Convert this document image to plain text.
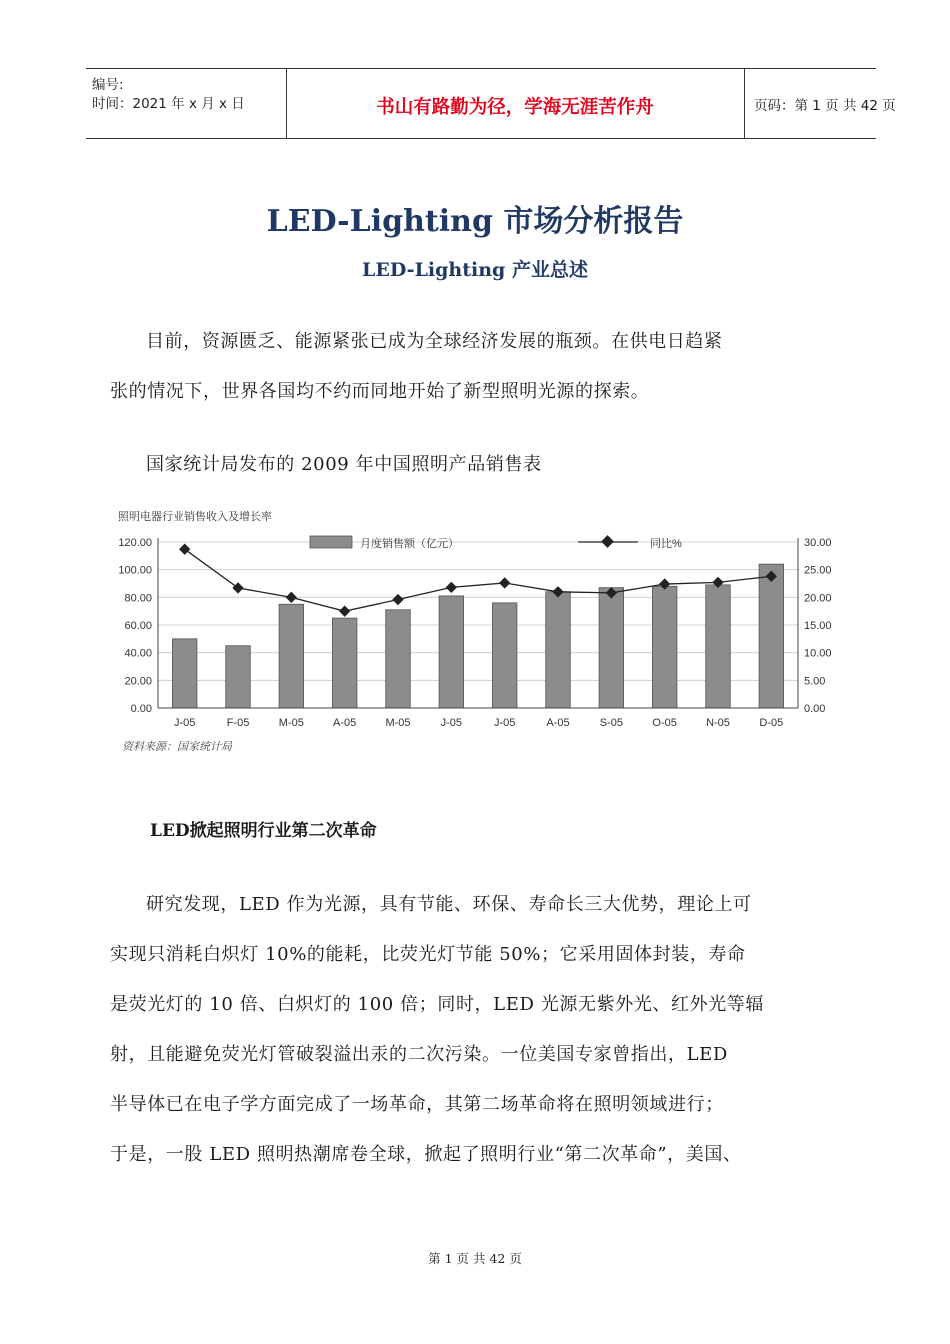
编号:
时间：2021 年 x 月 x 日	书山有路勤为径，学海无涯苦作舟	页码：第 1 页 共 42 页
LED-Lighting 市场分析报告
LED-Lighting 产业总述
目前，资源匮乏、能源紧张已成为全球经济发展的瓶颈。在供电日趋紧
张的情况下，世界各国均不约而同地开始了新型照明光源的探索。
国家统计局发布的 2009 年中国照明产品销售表
照明电器行业销售收入及增长率
120.00
100.00
80.00
60.00
40.00
20.00
0.00
30.00
25.00
20.00
15.00
10.00
5.00
0.00
J-05	F-05	M-05	A-05	M-05	J-05	J-05	A-05	S-05	O-05	N-05	D-05
月度销售额（亿元）	同比%
资料来源：国家统计局
LED掀起照明行业第二次革命
研究发现，LED 作为光源，具有节能、环保、寿命长三大优势，理论上可
实现只消耗白炽灯 10%的能耗，比荧光灯节能 50%；它采用固体封装，寿命
是荧光灯的 10 倍、白炽灯的 100 倍；同时，LED 光源无紫外光、红外光等辐
射，且能避免荧光灯管破裂溢出汞的二次污染。一位美国专家曾指出，LED
半导体已在电子学方面完成了一场革命，其第二场革命将在照明领域进行；
于是，一股 LED 照明热潮席卷全球，掀起了照明行业“第二次革命”，美国、
第 1 页 共 42 页
